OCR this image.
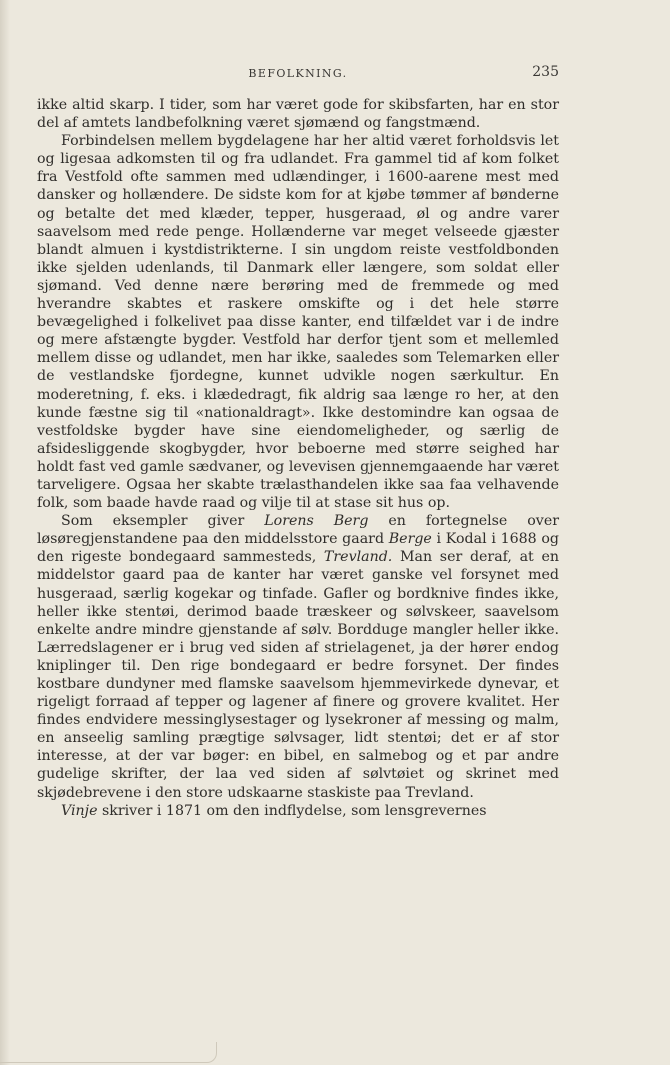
BEFOLKNING.	235

ikke altid skarp. I tider, som har været gode for skibsfarten, har en stor del af amtets landbefolkning været sjømænd og fangstmænd.

Forbindelsen mellem bygdelagene har her altid været forholdsvis let og ligesaa adkomsten til og fra udlandet. Fra gammel tid af kom folket fra Vestfold ofte sammen med udlændinger, i 1600-aarene mest med dansker og hollændere. De sidste kom for at kjøbe tømmer af bønderne og betalte det med klæder, tepper, husgeraad, øl og andre varer saavelsom med rede penge. Hollænderne var meget velseede gjæster blandt almuen i kystdistrikterne. I sin ungdom reiste vestfoldbonden ikke sjelden udenlands, til Danmark eller længere, som soldat eller sjømand. Ved denne nære berøring med de fremmede og med hverandre skabtes et raskere omskifte og i det hele større bevægelighed i folkelivet paa disse kanter, end tilfældet var i de indre og mere afstængte bygder. Vestfold har derfor tjent som et mellemled mellem disse og udlandet, men har ikke, saaledes som Telemarken eller de vestlandske fjordegne, kunnet udvikle nogen særkultur. En moderetning, f. eks. i klædedragt, fik aldrig saa længe ro her, at den kunde fæstne sig til «nationaldragt». Ikke destomindre kan ogsaa de vestfoldske bygder have sine eiendomeligheder, og særlig de afsidesliggende skogbygder, hvor beboerne med større seighed har holdt fast ved gamle sædvaner, og levevisen gjennemgaaende har været tarveligere. Ogsaa her skabte trælasthandelen ikke saa faa velhavende folk, som baade havde raad og vilje til at stase sit hus op.

Som eksempler giver Lorens Berg en fortegnelse over løsøregjenstandene paa den middelsstore gaard Berge i Kodal i 1688 og den rigeste bondegaard sammesteds, Trevland. Man ser deraf, at en middelstor gaard paa de kanter har været ganske vel forsynet med husgeraad, særlig kogekar og tinfade. Gafler og bordknive findes ikke, heller ikke stentøi, derimod baade træskeer og sølvskeer, saavelsom enkelte andre mindre gjenstande af sølv. Bordduge mangler heller ikke. Lærredslagener er i brug ved siden af strielagenet, ja der hører endog kniplinger til. Den rige bondegaard er bedre forsynet. Der findes kostbare dundyner med flamske saavelsom hjemmevirkede dynevar, et rigeligt forraad af tepper og lagener af finere og grovere kvalitet. Her findes endvidere messinglysestager og lysekroner af messing og malm, en anseelig samling prægtige sølvsager, lidt stentøi; det er af stor interesse, at der var bøger: en bibel, en salmebog og et par andre gudelige skrifter, der laa ved siden af sølvtøiet og skrinet med skjødebrevene i den store udskaarne staskiste paa Trevland.

Vinje skriver i 1871 om den indflydelse, som lensgrevernes
